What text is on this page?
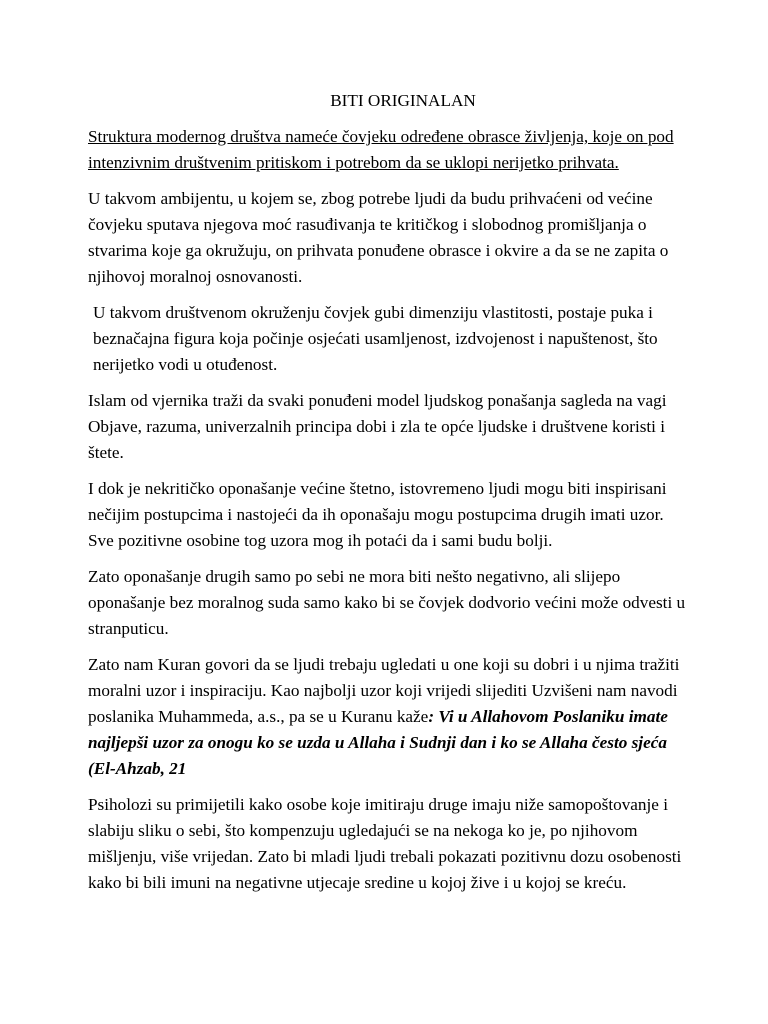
BITI ORIGINALAN

Struktura modernog društva nameće čovjeku određene obrasce življenja, koje on pod intenzivnim društvenim pritiskom i potrebom da se uklopi nerijetko prihvata.

U takvom ambijentu, u kojem se, zbog potrebe ljudi da budu prihvaćeni od većine čovjeku sputava njegova moć rasuđivanja te kritičkog i slobodnog promišljanja o stvarima koje ga okružuju, on prihvata ponuđene obrasce i okvire a da se ne zapita o njihovoj moralnoj osnovanosti.

U takvom društvenom okruženju čovjek gubi dimenziju vlastitosti, postaje puka i beznačajna figura koja počinje osjećati usamljenost, izdvojenost i napuštenost, što nerijetko vodi u otuđenost.

Islam od vjernika traži da svaki ponuđeni model ljudskog ponašanja sagleda na vagi Objave, razuma, univerzalnih principa dobi i zla te opće ljudske i društvene koristi i štete.

I dok je nekritičko oponašanje većine štetno, istovremeno ljudi mogu biti inspirisani nečijim postupcima i nastojeći da ih oponašaju mogu postupcima drugih imati uzor. Sve pozitivne osobine tog uzora mog ih potaći da i sami budu bolji.

Zato oponašanje drugih samo po sebi ne mora biti nešto negativno, ali slijepo oponašanje bez moralnog suda samo kako bi se čovjek dodvorio većini može odvesti u stranputicu.

Zato nam Kuran govori da se ljudi trebaju ugledati u one koji su dobri i u njima tražiti moralni uzor i inspiraciju. Kao najbolji uzor koji vrijedi slijediti Uzvišeni nam navodi poslanika Muhammeda, a.s., pa se u Kuranu kaže: Vi u Allahovom Poslaniku imate najljepši uzor za onogu ko se uzda u Allaha i Sudnji dan i ko se Allaha često sjeća (El-Ahzab, 21

Psiholozi su primijetili kako osobe koje imitiraju druge imaju niže samopoštovanje i slabiju sliku o sebi, što kompenzuju ugledajući se na nekoga ko je, po njihovom mišljenju, više vrijedan. Zato bi mladi ljudi trebali pokazati pozitivnu dozu osobenosti kako bi bili imuni na negativne utjecaje sredine u kojoj žive i u kojoj se kreću.
